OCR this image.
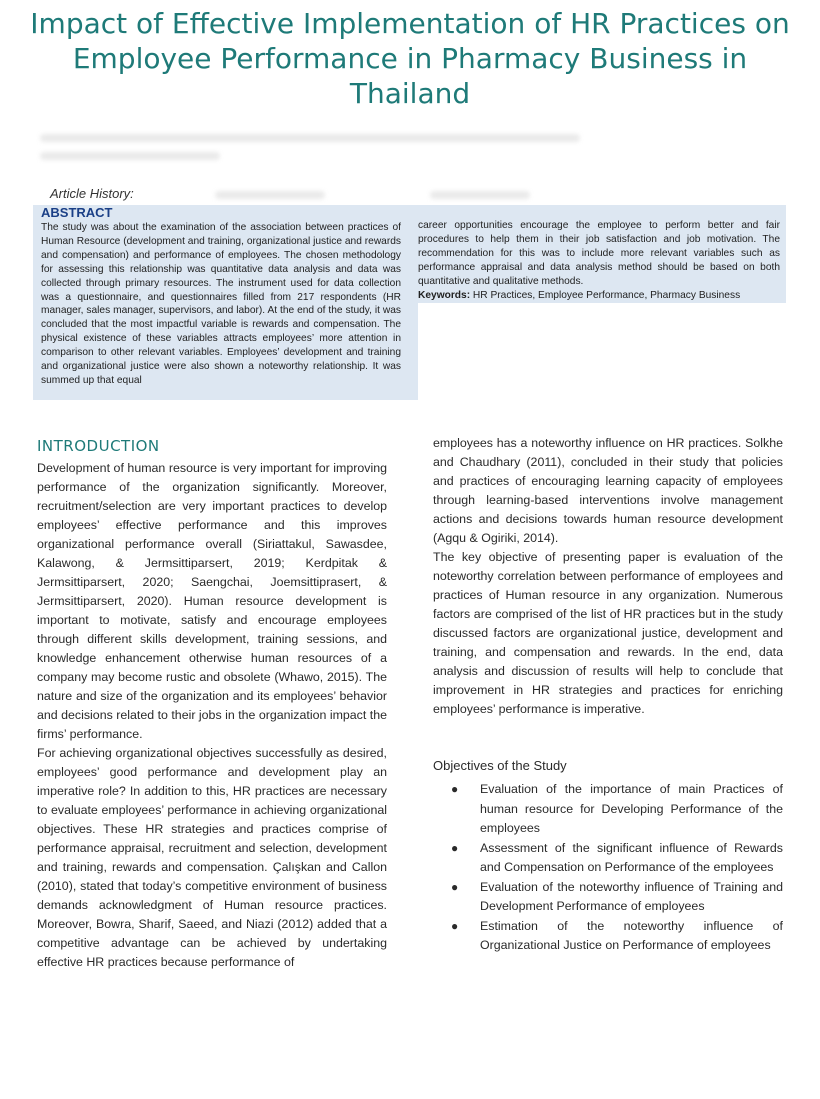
Impact of Effective Implementation of HR Practices on Employee Performance in Pharmacy Business in Thailand
Article History:
ABSTRACT
The study was about the examination of the association between practices of Human Resource (development and training, organizational justice and rewards and compensation) and performance of employees. The chosen methodology for assessing this relationship was quantitative data analysis and data was collected through primary resources. The instrument used for data collection was a questionnaire, and questionnaires filled from 217 respondents (HR manager, sales manager, supervisors, and labor). At the end of the study, it was concluded that the most impactful variable is rewards and compensation. The physical existence of these variables attracts employees’ more attention in comparison to other relevant variables. Employees’ development and training and organizational justice were also shown a noteworthy relationship. It was summed up that equal
career opportunities encourage the employee to perform better and fair procedures to help them in their job satisfaction and job motivation. The recommendation for this was to include more relevant variables such as performance appraisal and data analysis method should be based on both quantitative and qualitative methods.
Keywords: HR Practices, Employee Performance, Pharmacy Business
INTRODUCTION

Development of human resource is very important for improving performance of the organization significantly. Moreover, recruitment/selection are very important practices to develop employees’ effective performance and this improves organizational performance overall (Siriattakul, Sawasdee, Kalawong, & Jermsittiparsert, 2019; Kerdpitak & Jermsittiparsert, 2020; Saengchai, Joemsittiprasert, & Jermsittiparsert, 2020). Human resource development is important to motivate, satisfy and encourage employees through different skills development, training sessions, and knowledge enhancement otherwise human resources of a company may become rustic and obsolete (Whawo, 2015). The nature and size of the organization and its employees’ behavior and decisions related to their jobs in the organization impact the firms’ performance.

For achieving organizational objectives successfully as desired, employees’ good performance and development play an imperative role? In addition to this, HR practices are necessary to evaluate employees’ performance in achieving organizational objectives. These HR strategies and practices comprise of performance appraisal, recruitment and selection, development and training, rewards and compensation. Çalışkan and Callon (2010), stated that today’s competitive environment of business demands acknowledgment of Human resource practices. Moreover, Bowra, Sharif, Saeed, and Niazi (2012) added that a competitive advantage can be achieved by undertaking effective HR practices because performance of

employees has a noteworthy influence on HR practices. Solkhe and Chaudhary (2011), concluded in their study that policies and practices of encouraging learning capacity of employees through learning-based interventions involve management actions and decisions towards human resource development (Agqu & Ogiriki, 2014).

The key objective of presenting paper is evaluation of the noteworthy correlation between performance of employees and practices of Human resource in any organization. Numerous factors are comprised of the list of HR practices but in the study discussed factors are organizational justice, development and training, and compensation and rewards. In the end, data analysis and discussion of results will help to conclude that improvement in HR strategies and practices for enriching employees’ performance is imperative.

Objectives of the Study
● Evaluation of the importance of main Practices of human resource for Developing Performance of the employees
● Assessment of the significant influence of Rewards and Compensation on Performance of the employees
● Evaluation of the noteworthy influence of Training and Development Performance of employees
● Estimation of the noteworthy influence of Organizational Justice on Performance of employees
